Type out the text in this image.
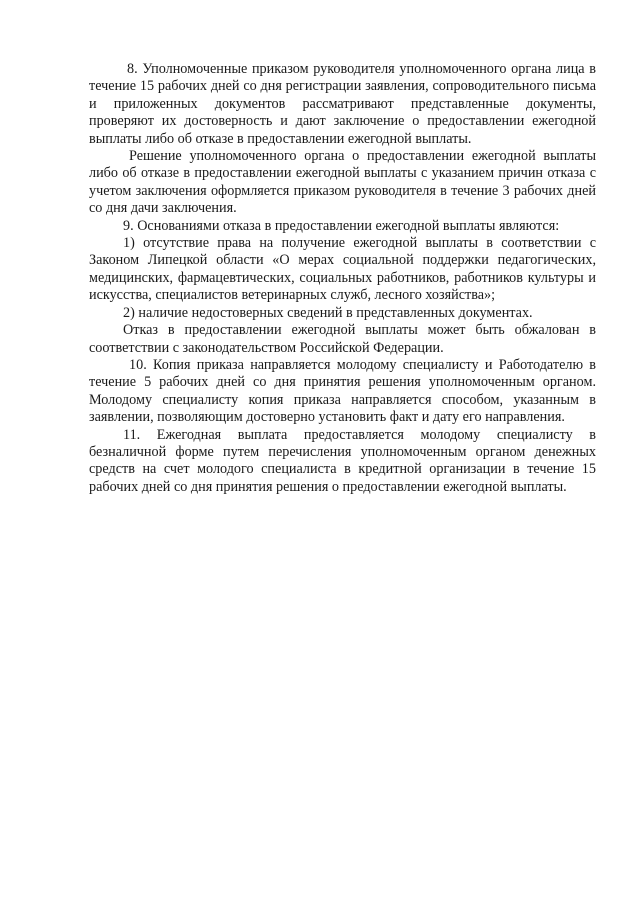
8. Уполномоченные приказом руководителя уполномоченного органа лица в течение 15 рабочих дней со дня регистрации заявления, сопроводительного письма и приложенных документов рассматривают представленные документы, проверяют их достоверность и дают заключение о предоставлении ежегодной выплаты либо об отказе в предоставлении ежегодной выплаты.

Решение уполномоченного органа о предоставлении ежегодной выплаты либо об отказе в предоставлении ежегодной выплаты с указанием причин отказа с учетом заключения оформляется приказом руководителя в течение 3 рабочих дней со дня дачи заключения.

9. Основаниями отказа в предоставлении ежегодной выплаты являются:

1) отсутствие права на получение ежегодной выплаты в соответствии с Законом Липецкой области «О мерах социальной поддержки педагогических, медицинских, фармацевтических, социальных работников, работников культуры и искусства, специалистов ветеринарных служб, лесного хозяйства»;

2) наличие недостоверных сведений в представленных документах.

Отказ в предоставлении ежегодной выплаты может быть обжалован в соответствии с законодательством Российской Федерации.

10. Копия приказа направляется молодому специалисту и Работодателю в течение 5 рабочих дней со дня принятия решения уполномоченным органом. Молодому специалисту копия приказа направляется способом, указанным в заявлении, позволяющим достоверно установить факт и дату его направления.

11. Ежегодная выплата предоставляется молодому специалисту в безналичной форме путем перечисления уполномоченным органом денежных средств на счет молодого специалиста в кредитной организации в течение 15 рабочих дней со дня принятия решения о предоставлении ежегодной выплаты.
